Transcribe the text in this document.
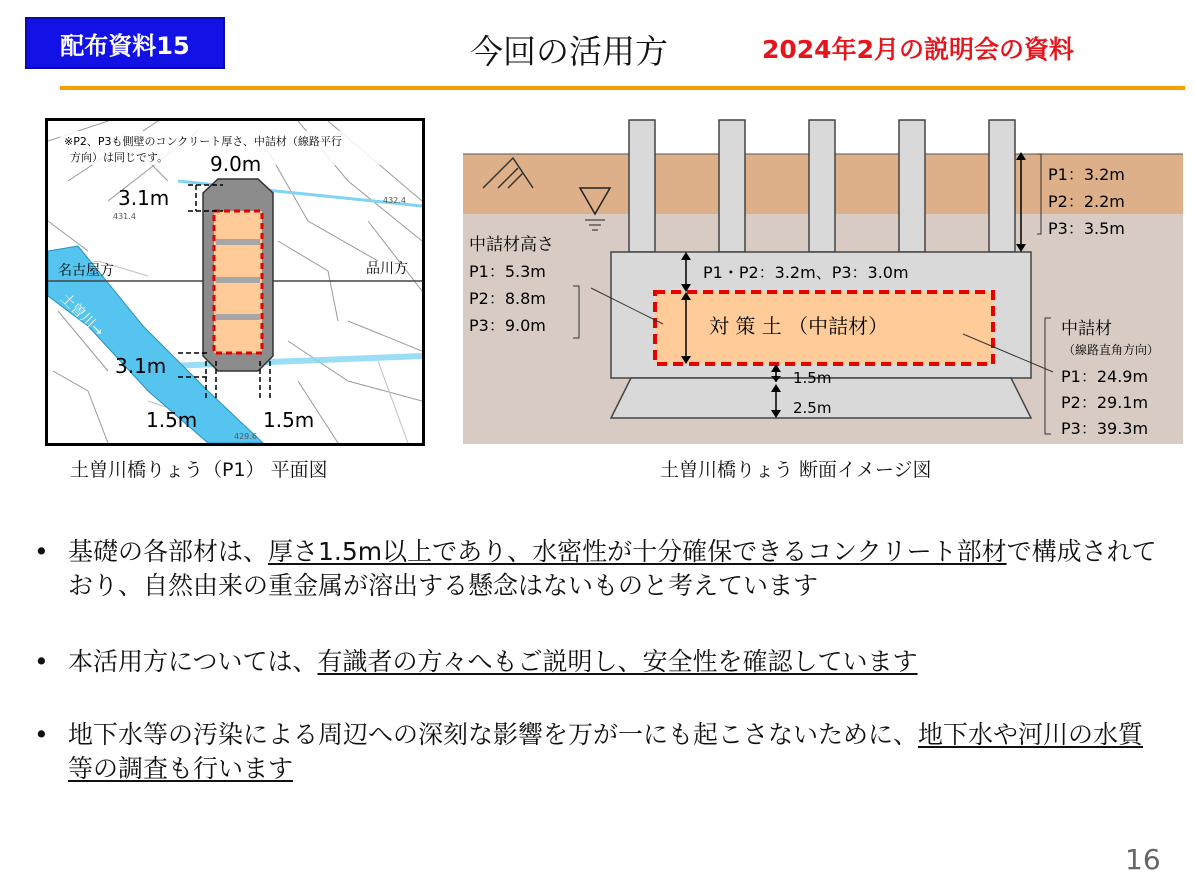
配布資料15	今回の活用方	2024年2月の説明会の資料
土曽川→
432.4
431.4
429.6
※P2、P3も側壁のコンクリート厚さ、中詰材（線路平行
方向）は同じです。 9.0m
3.1m
3.1m
1.5m	1.5m
名古屋方	品川方
P1：3.2m
P2：2.2m
P3：3.5m
中詰材高さ
P1：5.3m
P2：8.8m
P3：9.0m
P1・P2：3.2m、P3：3.0m
対 策 土 （中詰材）
1.5m
2.5m
中詰材
（線路直角方向）
P1：24.9m
P2：29.1m
P3：39.3m
土曽川橋りょう（P1） 平面図	土曽川橋りょう 断面イメージ図
• 基礎の各部材は、厚さ1.5m以上であり、水密性が十分確保できるコンクリート部材で構成されており、自然由来の重金属が溶出する懸念はないものと考えています
• 本活用方については、有識者の方々へもご説明し、安全性を確認しています
• 地下水等の汚染による周辺への深刻な影響を万が一にも起こさないために、地下水や河川の水質等の調査も行います
16
